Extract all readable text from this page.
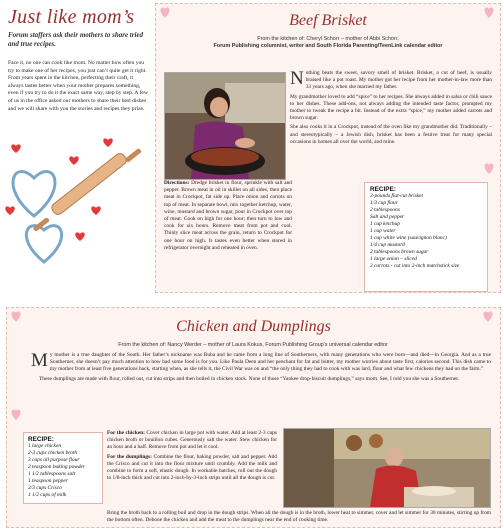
Just like mom’s
Forum staffers ask their mothers to share tried and true recipes.

Face it, no one can cook like mom. No matter how often you try to make one of her recipes, you just can’t quite get it right. From years spent in the kitchen, perfecting their craft, it always tastes better when your mother prepares something, even if you try to do it the exact same way, step by step. A few of us in the office asked our mothers to share their best dishes and we will share with you the stories and recipes they prize.

Beef Brisket
From the kitchen of: Cheryl Schorr – mother of Abbi Schorr,
Forum Publishing columnist, writer and South Florida Parenting/TeenLink calendar editor
N othing beats the sweet, savory smell of brisket. Brisket, a cut of beef, is usually braised like a pot roast. My mother got her recipe from her mother-in-law more than 33 years ago, when she married my father.

My grandmother loved to add “spice” to her recipes. She always added in salsa or chili sauce to her dishes. These add-ons, not always adding the intended taste factor, prompted my mother to tweak the recipe a bit. Instead of the extra “spice,” my mother added carrots and brown sugar.

She also cooks it in a Crockpot, instead of the oven like my grandmother did. Traditionally – and stereotypically – a Jewish dish, brisket has been a festive treat for many special occasions in homes all over the world, and mine.

RECIPE:
3-pounds flat-cut brisket
1/3 cup flour
2 tablespoons
Salt and pepper
1 cup ketchup
1 cup water
1 cup white wine (sauvignon blanc)
1/4 cup mustard
2 tablespoons brown sugar
1 large onion – sliced
3 carrots - cut into 2-inch matchstick size
Directions: Dredge brisket in flour, sprinkle with salt and pepper. Brown meat in oil in skillet on all sides, then place meat in Crockpot, fat side up. Place onion and carrots on top of meat. In separate bowl, mix together ketchup, water, wine, mustard and brown sugar, pour in Crockpot over top of meat. Cook on high for one hour; then turn to low and cook for six hours. Remove meat from pot and cool. Thinly slice meat across the grain, return to Crockpot for one hour on high. It tastes even better when stored in refrigerator overnight and reheated in oven.
Chicken and Dumplings
From the kitchen of: Nancy Werder – mother of Laura Kokus, Forum Publishing Group’s universal calendar editor
M y mother is a true daughter of the South. Her father’s nickname was Buba and he came from a long line of Southerners, with many generations who were born—and died—in Georgia. And as a true Southerner, she doesn’t pay much attention to how bad some food is for you. Like Paula Deen and her penchant for fat and butter, my mother worries about taste first, calories second. This dish came to my mother from at least five generations back, starting when, as she tells it, the Civil War was on and “the only thing they had to cook with was lard, flour and what few chickens they had on the farm.”

These dumplings are made with flour, rolled out, cut into strips and then boiled in chicken stock. None of those “Yankee drop-biscuit dumplings,” says mom. See, I told you she was a Southerner.

RECIPE:
1 large chicken
2-3 cups chicken broth
3 cups all purpose flour
2 teaspoon baking powder
1 1/2 tablespoons salt
1 teaspoon pepper
2/3 cups Crisco
1 1/2 cups of milk

For the chicken: Cover chicken in large pot with water. Add at least 2-3 cups chicken broth or bouillon cubes. Generously salt the water. Stew chicken for an hour and a half. Remove from pot and let it cool.

For the dumplings: Combine the flour, baking powder, salt and pepper. Add the Crisco and cut it into the flour mixture until crumbly. Add the milk and combine to form a soft, elastic dough. In workable batches, roll out the dough to 1/8-inch thick and cut into 2-inch-by-3-inch strips until all the dough is cut.

Bring the broth back to a rolling boil and drop in the dough strips. When all the dough is in the broth, lower heat to simmer, cover and let simmer for 30 minutes, stirring up from the bottom often. Debone the chicken and add the meat to the dumplings near the end of cooking time.
